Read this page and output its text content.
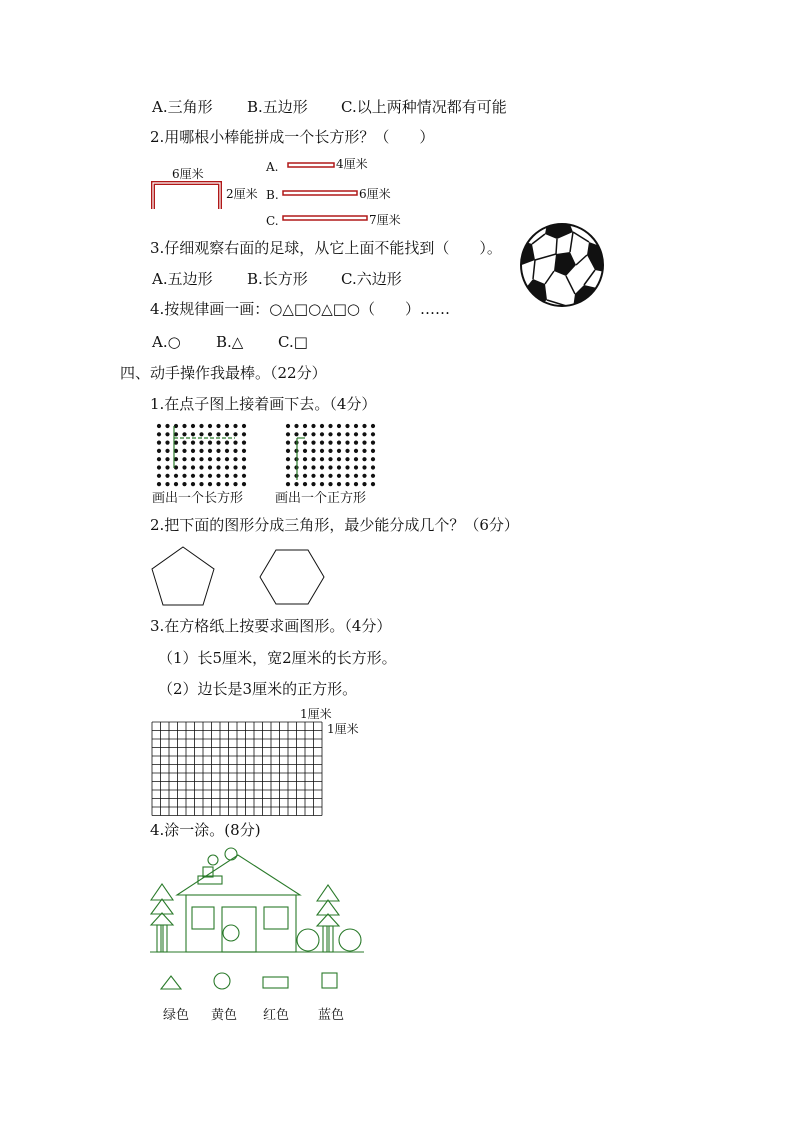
A.三角形 B.五边形 C.以上两种情况都有可能
2.用哪根小棒能拼成一个长方形？（　　）
6厘米
2厘米
A.	4厘米
B.	6厘米
C.	7厘米
3.仔细观察右面的足球，从它上面不能找到（　　）。
A.五边形 B.长方形 C.六边形
4.按规律画一画：○△□○△□○（　　）……
A.○ B.△ C.□
四、动手操作我最棒。（22分）
1.在点子图上接着画下去。（4分）
画出一个长方形 画出一个正方形
2.把下面的图形分成三角形，最少能分成几个？（6分）
3.在方格纸上按要求画图形。（4分）
（1）长5厘米，宽2厘米的长方形。
（2）边长是3厘米的正方形。
1厘米
1厘米
4.涂一涂。(8分)
绿色 黄色 红色 蓝色
